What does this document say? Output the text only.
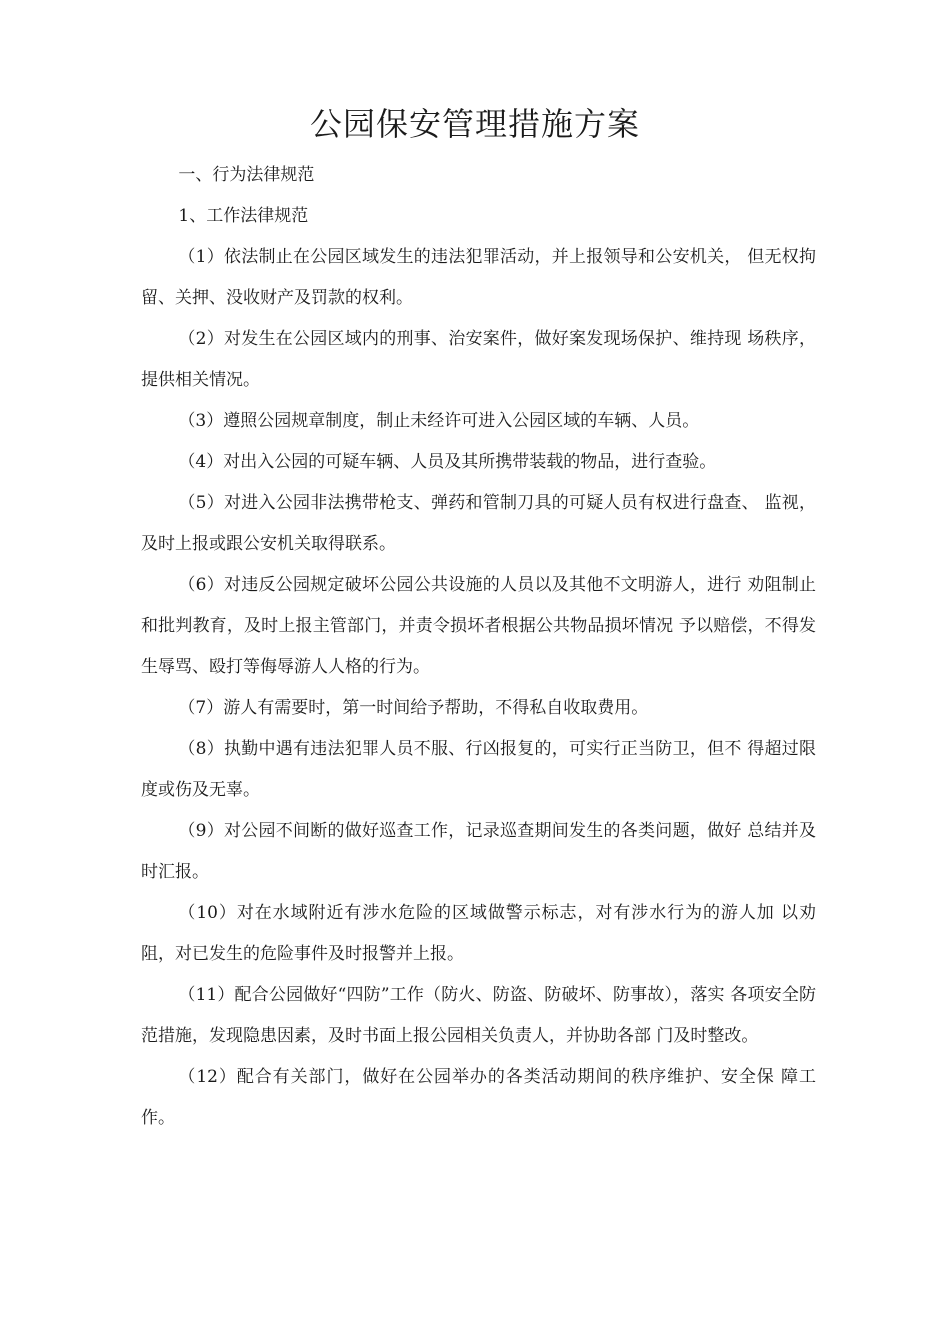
公园保安管理措施方案

一、行为法律规范

1、工作法律规范

（1）依法制止在公园区域发生的违法犯罪活动，并上报领导和公安机关， 但无权拘留、关押、没收财产及罚款的权利。

（2）对发生在公园区域内的刑事、治安案件，做好案发现场保护、维持现 场秩序，提供相关情况。

（3）遵照公园规章制度，制止未经许可进入公园区域的车辆、人员。

（4）对出入公园的可疑车辆、人员及其所携带装载的物品，进行查验。

（5）对进入公园非法携带枪支、弹药和管制刀具的可疑人员有权进行盘查、 监视，及时上报或跟公安机关取得联系。

（6）对违反公园规定破坏公园公共设施的人员以及其他不文明游人，进行 劝阻制止和批判教育，及时上报主管部门，并责令损坏者根据公共物品损坏情况 予以赔偿，不得发生辱骂、殴打等侮辱游人人格的行为。

（7）游人有需要时，第一时间给予帮助，不得私自收取费用。

（8）执勤中遇有违法犯罪人员不服、行凶报复的，可实行正当防卫，但不 得超过限度或伤及无辜。

（9）对公园不间断的做好巡查工作，记录巡查期间发生的各类问题，做好 总结并及时汇报。

（10）对在水域附近有涉水危险的区域做警示标志，对有涉水行为的游人加 以劝阻，对已发生的危险事件及时报警并上报。

（11）配合公园做好“四防”工作（防火、防盗、防破坏、防事故），落实 各项安全防范措施，发现隐患因素，及时书面上报公园相关负责人，并协助各部 门及时整改。

（12）配合有关部门，做好在公园举办的各类活动期间的秩序维护、安全保 障工作。
